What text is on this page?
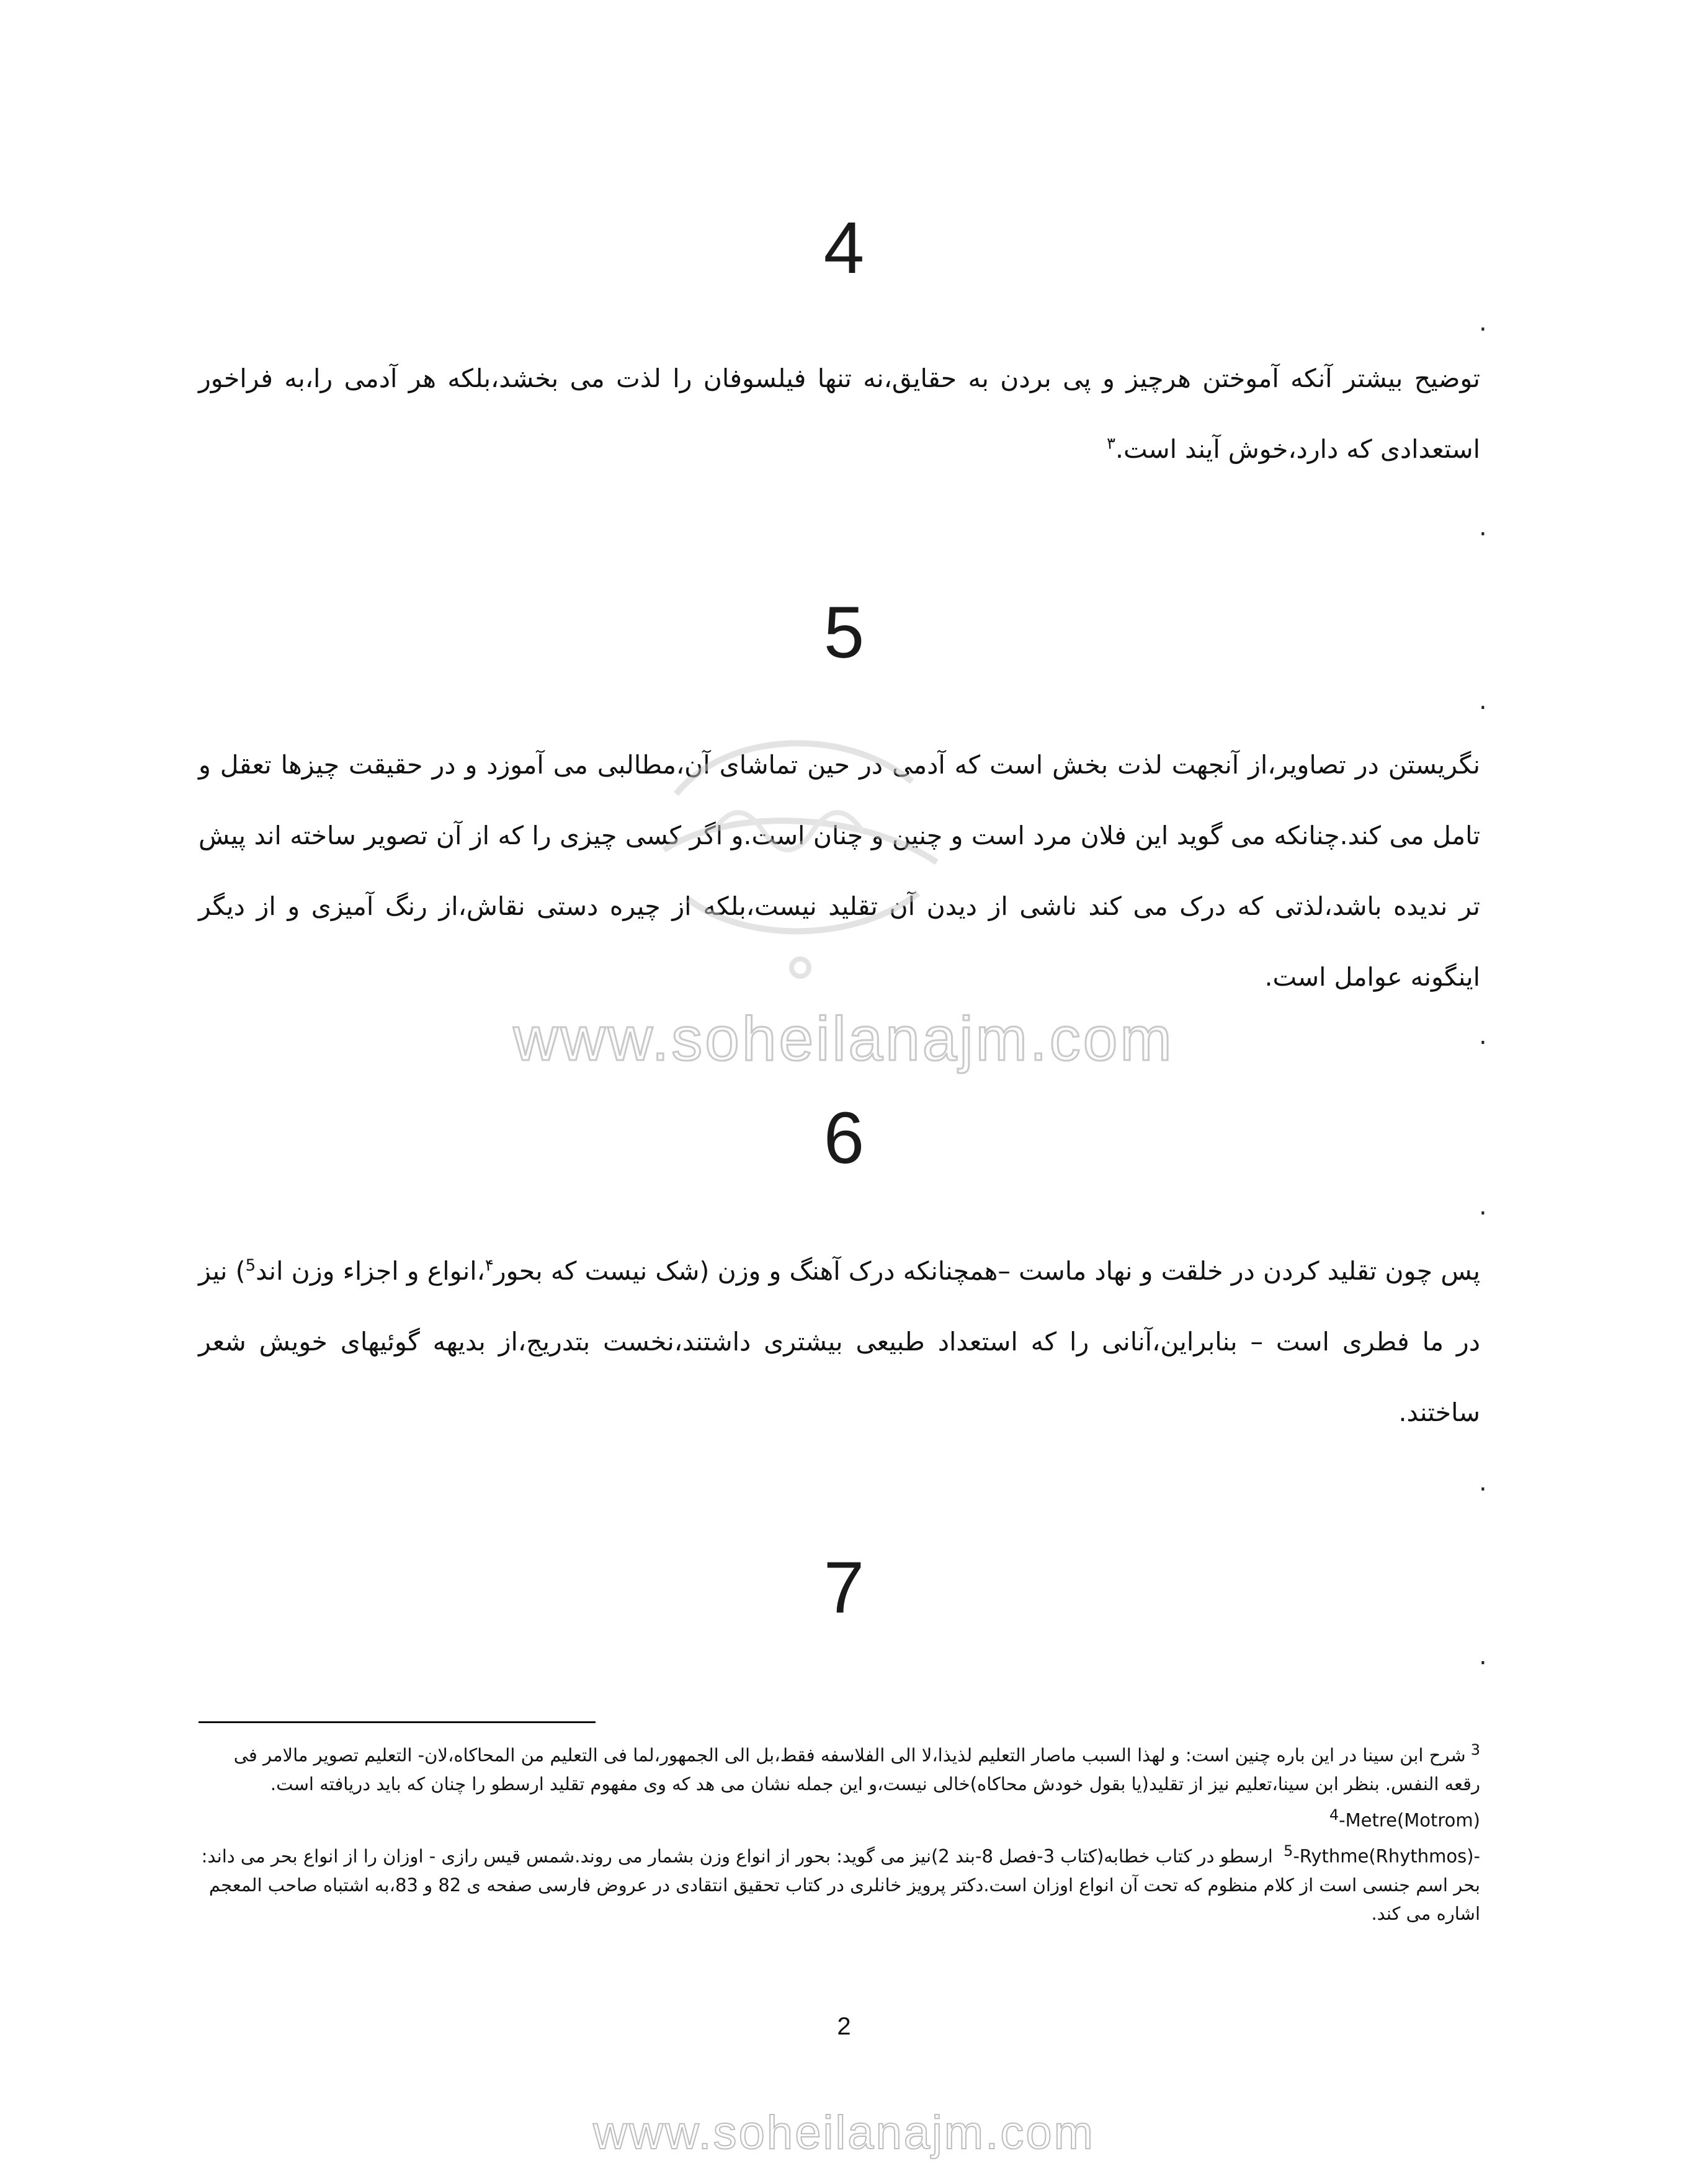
4
.
توضیح بیشتر آنکه آموختن هرچیز و پی بردن به حقایق،نه تنها فیلسوفان را لذت می بخشد،بلکه هر آدمی را،به فراخور استعدادی که دارد،خوش آیند است.$^۳$
.
5
.
نگریستن در تصاویر،از آنجهت لذت بخش است که آدمی در حین تماشای آن،مطالبی می آموزد و در حقیقت چیزها تعقل و تامل می کند.چنانکه می گوید این فلان مرد است و چنین و چنان است.و اگر کسی چیزی را که از آن تصویر ساخته اند پیش تر ندیده باشد،لذتی که درک می کند ناشی از دیدن آن تقلید نیست،بلکه از چیره دستی نقاش،از رنگ آمیزی و از دیگر اینگونه عوامل است.
www.soheilanajm.com	.
6
.
پس چون تقلید کردن در خلقت و نهاد ماست –همچنانکه درک آهنگ و وزن (شک نیست که بحور$^۴$،انواع و اجزاء وزن اند$^5$) نیز در ما فطری است – بنابراین،آنانی را که استعداد طبیعی بیشتری داشتند،نخست بتدریج،از بدیهه گوئیهای خویش شعر ساختند.
.
7
.
$^3$شرح ابن سینا در این باره چنین است: و لهذا السبب ماصار التعلیم لذیذا،لا الی الفلاسفه فقط،بل الی الجمهور،لما فی التعلیم من المحاکاه،لان- التعلیم تصویر مالامر فی رقعه النفس. بنظر ابن سینا،تعلیم نیز از تقلید(یا بقول خودش محاکاه)خالی نیست،و این جمله نشان می هد که وی مفهوم تقلید ارسطو را چنان که باید دریافته است.
$^4$-Metre(Motrom)
$^5$-Rythme(Rhythmos)- ارسطو در کتاب خطابه(کتاب 3-فصل 8-بند 2)نیز می گوید: بحور از انواع وزن بشمار می روند.شمس قیس رازی - اوزان را از انواع بحر می داند: بحر اسم جنسی است از کلام منظوم که تحت آن انواع اوزان است.دکتر پرویز خانلری در کتاب تحقیق انتقادی در عروض فارسی صفحه ی 82 و 83،به اشتباه صاحب المعجم اشاره می کند.
2
www.soheilanajm.com
